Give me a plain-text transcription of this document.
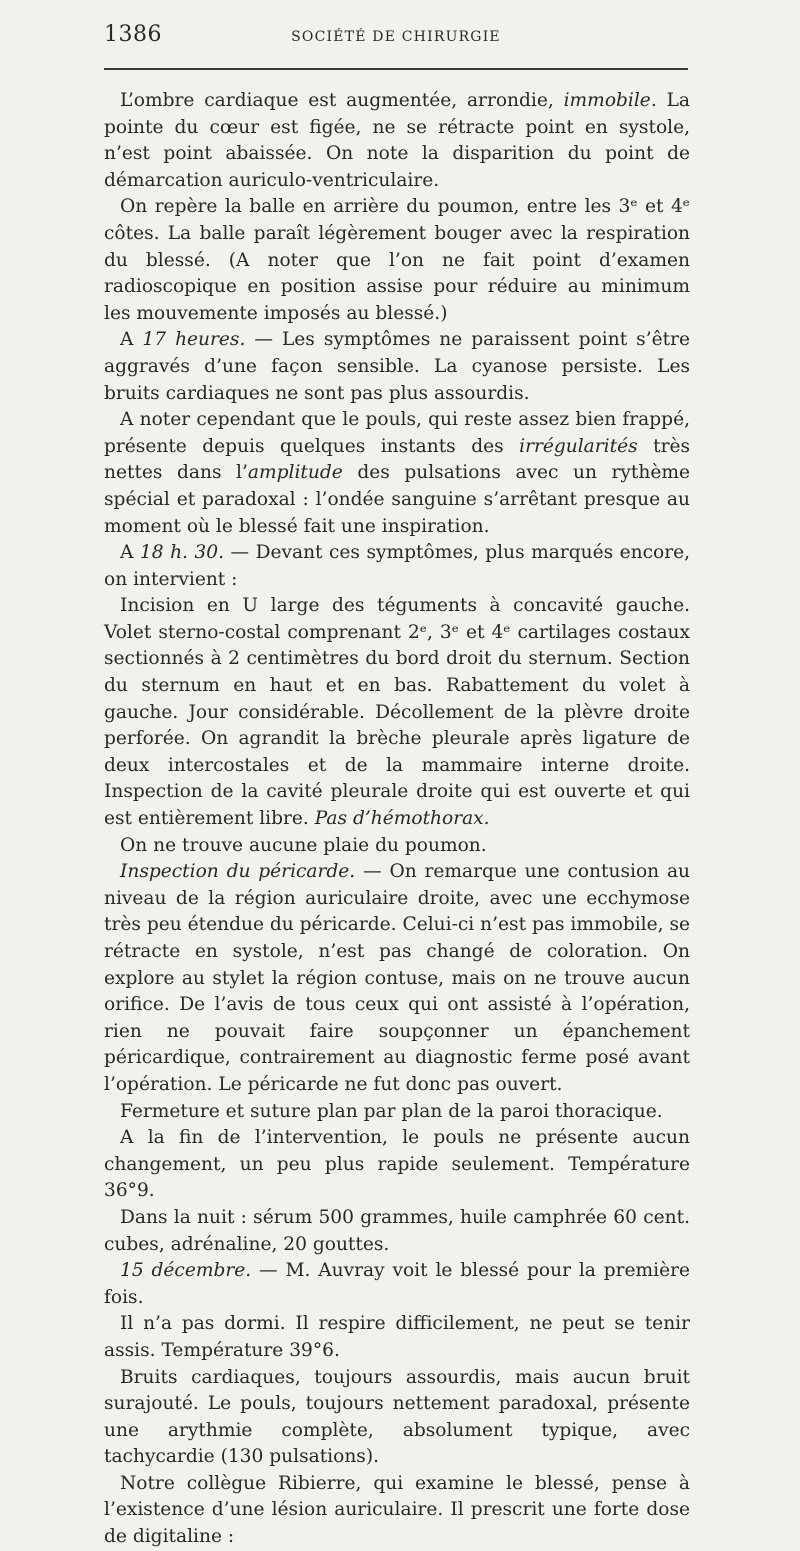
1386	SOCIÉTÉ DE CHIRURGIE

L’ombre cardiaque est augmentée, arrondie, immobile. La pointe du cœur est figée, ne se rétracte point en systole, n’est point abaissée. On note la disparition du point de démarcation auriculo-ventriculaire.

On repère la balle en arrière du poumon, entre les 3ᵉ et 4ᵉ côtes. La balle paraît légèrement bouger avec la respiration du blessé. (A noter que l’on ne fait point d’examen radioscopique en position assise pour réduire au minimum les mouvemente imposés au blessé.)

A 17 heures. — Les symptômes ne paraissent point s’être aggravés d’une façon sensible. La cyanose persiste. Les bruits cardiaques ne sont pas plus assourdis.

A noter cependant que le pouls, qui reste assez bien frappé, présente depuis quelques instants des irrégularités très nettes dans l’amplitude des pulsations avec un rythème spécial et paradoxal : l’ondée sanguine s’arrêtant presque au moment où le blessé fait une inspiration.

A 18 h. 30. — Devant ces symptômes, plus marqués encore, on intervient :

Incision en U large des téguments à concavité gauche. Volet sterno-costal comprenant 2ᵉ, 3ᵉ et 4ᵉ cartilages costaux sectionnés à 2 centimètres du bord droit du sternum. Section du sternum en haut et en bas. Rabattement du volet à gauche. Jour considérable. Décollement de la plèvre droite perforée. On agrandit la brèche pleurale après ligature de deux intercostales et de la mammaire interne droite. Inspection de la cavité pleurale droite qui est ouverte et qui est entièrement libre. Pas d’hémothorax.

On ne trouve aucune plaie du poumon.

Inspection du péricarde. — On remarque une contusion au niveau de la région auriculaire droite, avec une ecchymose très peu étendue du péricarde. Celui-ci n’est pas immobile, se rétracte en systole, n’est pas changé de coloration. On explore au stylet la région contuse, mais on ne trouve aucun orifice. De l’avis de tous ceux qui ont assisté à l’opération, rien ne pouvait faire soupçonner un épanchement péricardique, contrairement au diagnostic ferme posé avant l’opération. Le péricarde ne fut donc pas ouvert.

Fermeture et suture plan par plan de la paroi thoracique.

A la fin de l’intervention, le pouls ne présente aucun changement, un peu plus rapide seulement. Température 36°9.

Dans la nuit : sérum 500 grammes, huile camphrée 60 cent. cubes, adrénaline, 20 gouttes.

15 décembre. — M. Auvray voit le blessé pour la première fois.

Il n’a pas dormi. Il respire difficilement, ne peut se tenir assis. Température 39°6.

Bruits cardiaques, toujours assourdis, mais aucun bruit surajouté. Le pouls, toujours nettement paradoxal, présente une arythmie complète, absolument typique, avec tachycardie (130 pulsations).

Notre collègue Ribierre, qui examine le blessé, pense à l’existence d’une lésion auriculaire. Il prescrit une forte dose de digitaline :
